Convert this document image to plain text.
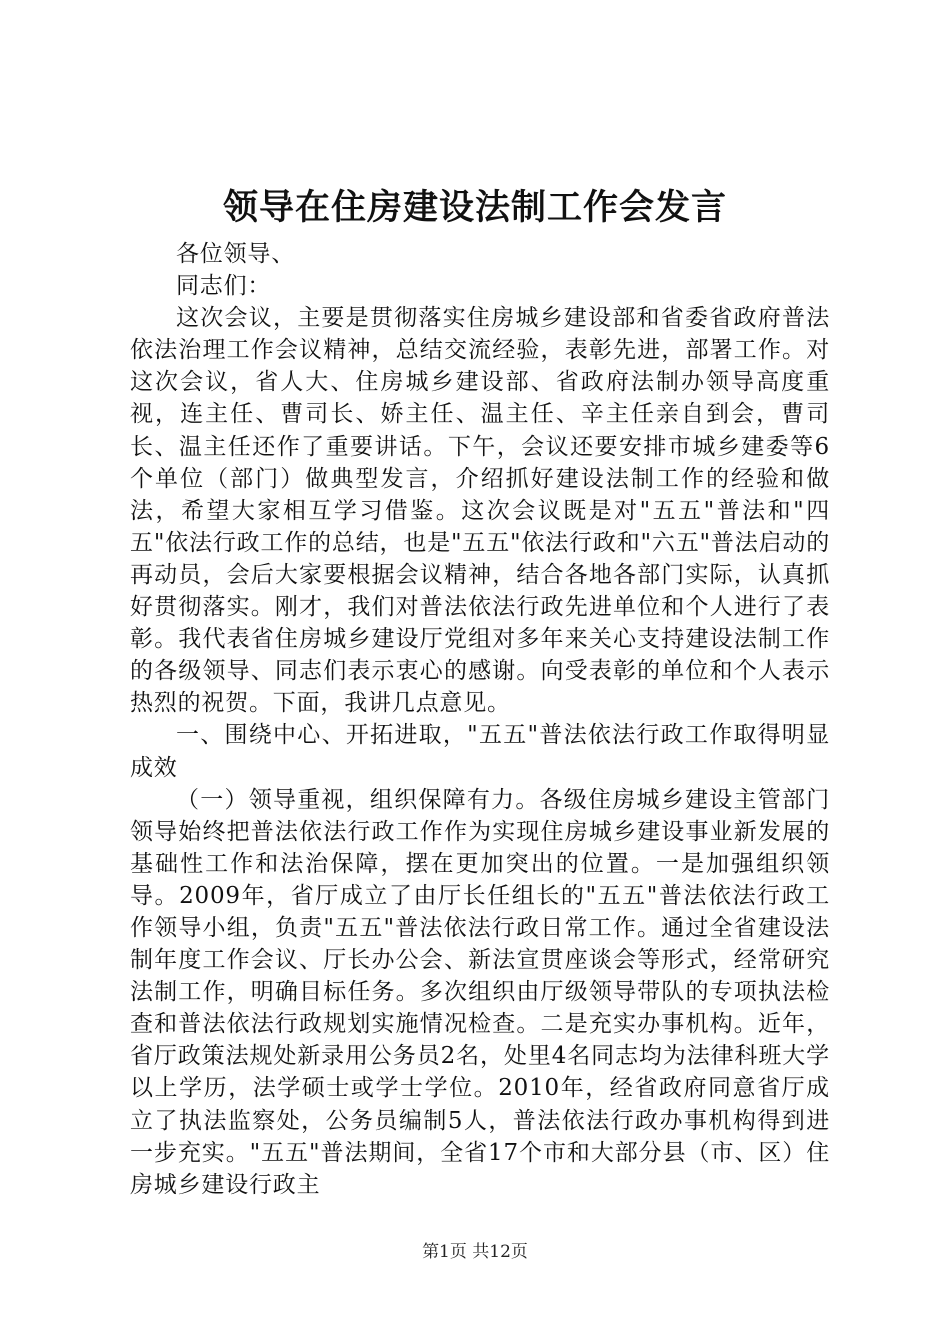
领导在住房建设法制工作会发言

各位领导、

同志们：

这次会议，主要是贯彻落实住房城乡建设部和省委省政府普法依法治理工作会议精神，总结交流经验，表彰先进，部署工作。对这次会议，省人大、住房城乡建设部、省政府法制办领导高度重视，连主任、曹司长、娇主任、温主任、辛主任亲自到会，曹司长、温主任还作了重要讲话。下午，会议还要安排市城乡建委等6个单位（部门）做典型发言，介绍抓好建设法制工作的经验和做法，希望大家相互学习借鉴。这次会议既是对"五五"普法和"四五"依法行政工作的总结，也是"五五"依法行政和"六五"普法启动的再动员，会后大家要根据会议精神，结合各地各部门实际，认真抓好贯彻落实。刚才，我们对普法依法行政先进单位和个人进行了表彰。我代表省住房城乡建设厅党组对多年来关心支持建设法制工作的各级领导、同志们表示衷心的感谢。向受表彰的单位和个人表示热烈的祝贺。下面，我讲几点意见。

一、围绕中心、开拓进取，"五五"普法依法行政工作取得明显成效

（一）领导重视，组织保障有力。各级住房城乡建设主管部门领导始终把普法依法行政工作作为实现住房城乡建设事业新发展的基础性工作和法治保障，摆在更加突出的位置。一是加强组织领导。2009年，省厅成立了由厅长任组长的"五五"普法依法行政工作领导小组，负责"五五"普法依法行政日常工作。通过全省建设法制年度工作会议、厅长办公会、新法宣贯座谈会等形式，经常研究法制工作，明确目标任务。多次组织由厅级领导带队的专项执法检查和普法依法行政规划实施情况检查。二是充实办事机构。近年，省厅政策法规处新录用公务员2名，处里4名同志均为法律科班大学以上学历，法学硕士或学士学位。2010年，经省政府同意省厅成立了执法监察处，公务员编制5人，普法依法行政办事机构得到进一步充实。"五五"普法期间，全省17个市和大部分县（市、区）住房城乡建设行政主

第1页 共12页
